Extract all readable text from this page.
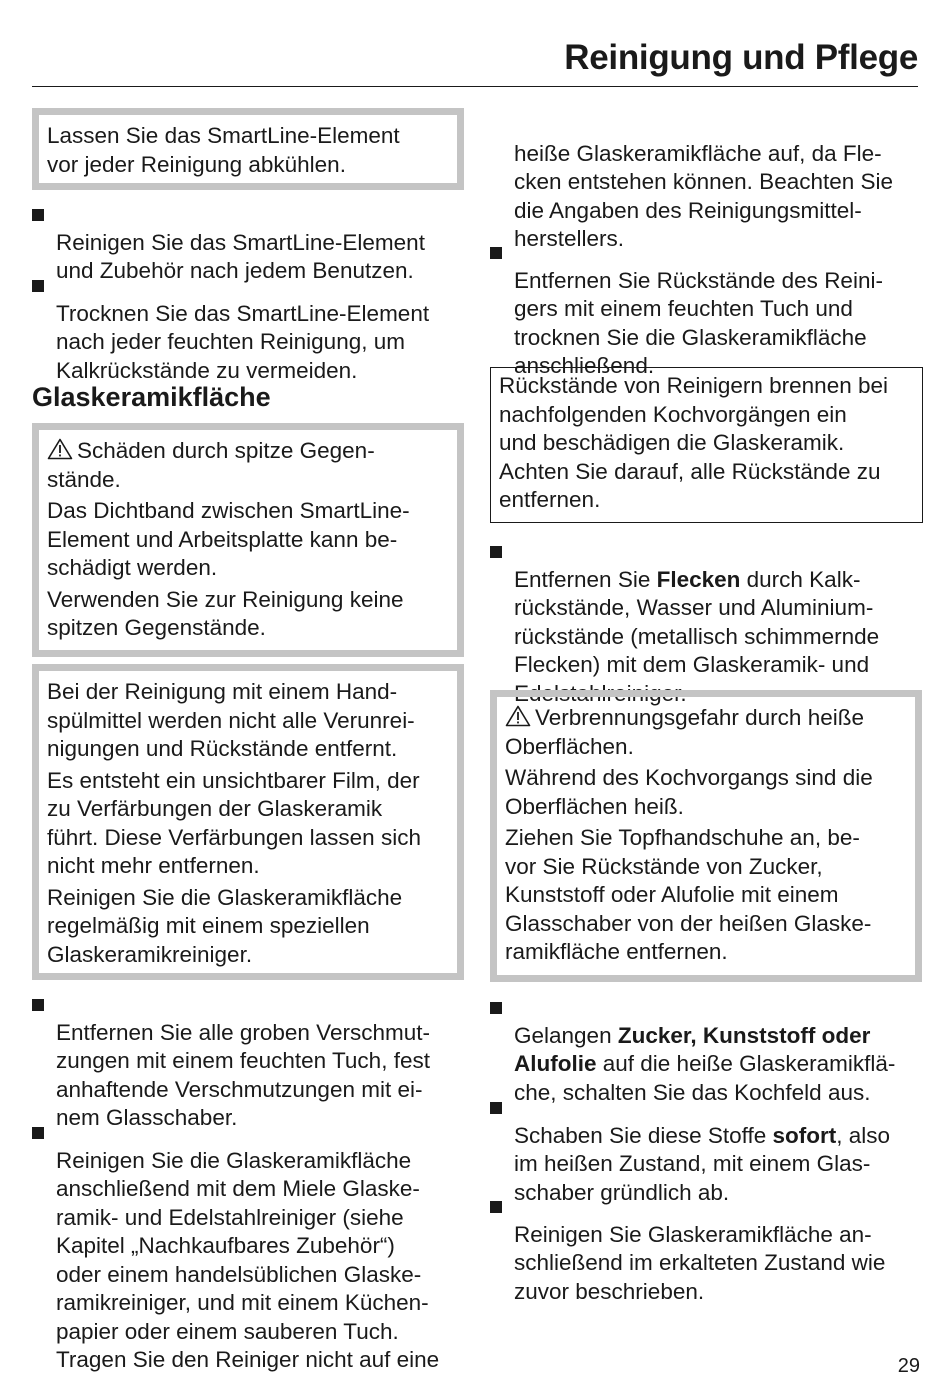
Reinigung und Pflege

Lassen Sie das SmartLine-Element
vor jeder Reinigung abkühlen.

Reinigen Sie das SmartLine-Element
und Zubehör nach jedem Benutzen.

Trocknen Sie das SmartLine-Element
nach jeder feuchten Reinigung, um
Kalkrückstände zu vermeiden.

Glaskeramikfläche

Schäden durch spitze Gegen-
stände.

Das Dichtband zwischen SmartLine-
Element und Arbeitsplatte kann be-
schädigt werden.

Verwenden Sie zur Reinigung keine
spitzen Gegenstände.

Bei der Reinigung mit einem Hand-
spülmittel werden nicht alle Verunrei-
nigungen und Rückstände entfernt.

Es entsteht ein unsichtbarer Film, der
zu Verfärbungen der Glaskeramik
führt. Diese Verfärbungen lassen sich
nicht mehr entfernen.

Reinigen Sie die Glaskeramikfläche
regelmäßig mit einem speziellen
Glaskeramikreiniger.

Entfernen Sie alle groben Verschmut-
zungen mit einem feuchten Tuch, fest
anhaftende Verschmutzungen mit ei-
nem Glasschaber.

Reinigen Sie die Glaskeramikfläche
anschließend mit dem Miele Glaske-
ramik- und Edelstahlreiniger (siehe
Kapitel „Nachkaufbares Zubehör“)
oder einem handelsüblichen Glaske-
ramikreiniger, und mit einem Küchen-
papier oder einem sauberen Tuch.
Tragen Sie den Reiniger nicht auf eine

heiße Glaskeramikfläche auf, da Fle-
cken entstehen können. Beachten Sie
die Angaben des Reinigungsmittel-
herstellers.

Entfernen Sie Rückstände des Reini-
gers mit einem feuchten Tuch und
trocknen Sie die Glaskeramikfläche
anschließend.

Rückstände von Reinigern brennen bei
nachfolgenden Kochvorgängen ein
und beschädigen die Glaskeramik.
Achten Sie darauf, alle Rückstände zu
entfernen.

Entfernen Sie Flecken durch Kalk-
rückstände, Wasser und Aluminium-
rückstände (metallisch schimmernde
Flecken) mit dem Glaskeramik- und
Edelstahlreiniger.

Verbrennungsgefahr durch heiße
Oberflächen.

Während des Kochvorgangs sind die
Oberflächen heiß.

Ziehen Sie Topfhandschuhe an, be-
vor Sie Rückstände von Zucker,
Kunststoff oder Alufolie mit einem
Glasschaber von der heißen Glaske-
ramikfläche entfernen.

Gelangen Zucker, Kunststoff oder
Alufolie auf die heiße Glaskeramikflä-
che, schalten Sie das Kochfeld aus.

Schaben Sie diese Stoffe sofort, also
im heißen Zustand, mit einem Glas-
schaber gründlich ab.

Reinigen Sie Glaskeramikfläche an-
schließend im erkalteten Zustand wie
zuvor beschrieben.

29
